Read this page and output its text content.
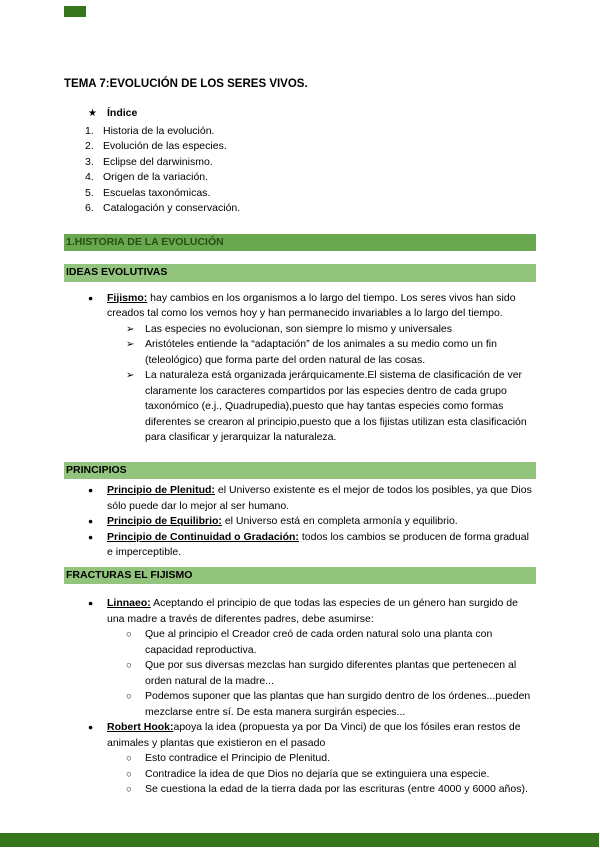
TEMA 7:EVOLUCIÓN DE LOS SERES VIVOS.
★ Índice
1. Historia de la evolución.
2. Evolución de las especies.
3. Eclipse del darwinismo.
4. Origen de la variación.
5. Escuelas taxonómicas.
6. Catalogación y conservación.
1.HISTORIA DE LA EVOLUCIÓN
IDEAS EVOLUTIVAS
●	Fijismo: hay cambios en los organismos a lo largo del tiempo. Los seres vivos han sido creados tal como los vemos hoy y han permanecido invariables a lo largo del tiempo.

➢	Las especies no evolucionan, son siempre lo mismo y universales

➢	Aristóteles entiende la “adaptación” de los animales a su medio como un fin (teleológico) que forma parte del orden natural de las cosas.

➢	La naturaleza está organizada jerárquicamente.El sistema de clasificación de ver claramente los caracteres compartidos por las especies dentro de cada grupo taxonómico (e.j., Quadrupedia),puesto que hay tantas especies como formas diferentes se crearon al principio,puesto que a los fijistas utilizan esta clasificación para clasificar y jerarquizar la naturaleza.

PRINCIPIOS
●	Principio de Plenitud: el Universo existente es el mejor de todos los posibles, ya que Dios sólo puede dar lo mejor al ser humano.

●	Principio de Equilibrio: el Universo está en completa armonía y equilibrio.

●	Principio de Continuidad o Gradación: todos los cambios se producen de forma gradual e imperceptible.

FRACTURAS EL FIJISMO
●	Linnaeo: Aceptando el principio de que todas las especies de un género han surgido de una madre a través de diferentes padres, debe asumirse:

○	Que al principio el Creador creó de cada orden natural solo una planta con capacidad reproductiva.

○	Que por sus diversas mezclas han surgido diferentes plantas que pertenecen al orden natural de la madre...

○	Podemos suponer que las plantas que han surgido dentro de los órdenes...pueden mezclarse entre sí. De esta manera surgirán especies...

●	Robert Hook:apoya la idea (propuesta ya por Da Vinci) de que los fósiles eran restos de animales y plantas que existieron en el pasado

○	Esto contradice el Principio de Plenitud.

○	Contradice la idea de que Dios no dejaría que se extinguiera una especie.

○	Se cuestiona la edad de la tierra dada por las escrituras (entre 4000 y 6000 años).
